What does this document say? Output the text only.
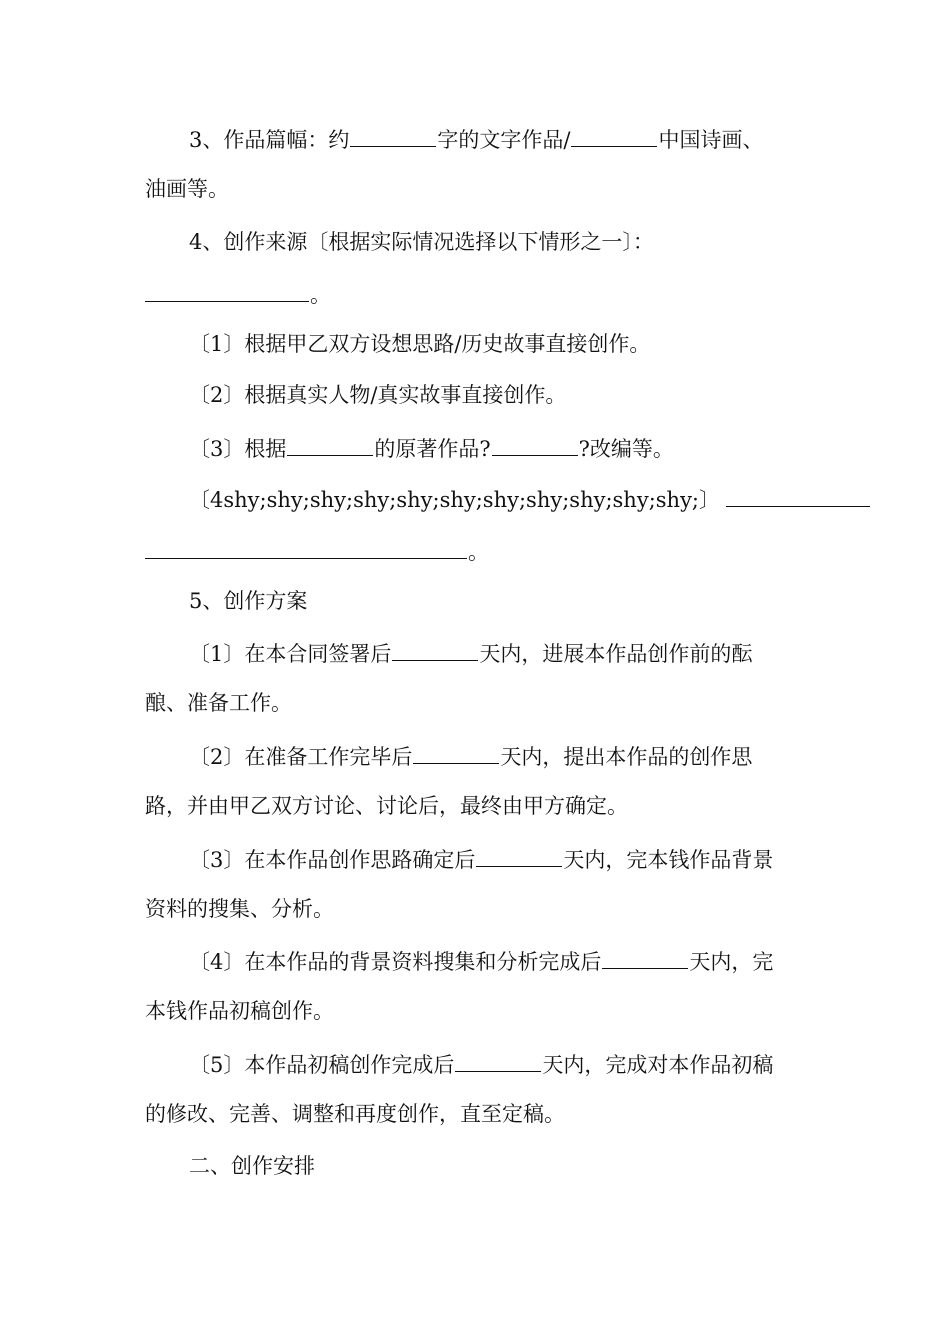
3、作品篇幅：约	字的文字作品/	中国诗画、
油画等。
4、创作来源〔根据实际情况选择以下情形之一〕：
。
〔1〕根据甲乙双方设想思路/历史故事直接创作。
〔2〕根据真实人物/真实故事直接创作。
〔3〕根据	的原著作品?	?改编等。
〔4shy;shy;shy;shy;shy;shy;shy;shy;shy;shy;shy;〕
。
5、创作方案
〔1〕在本合同签署后	天内，进展本作品创作前的酝
酿、准备工作。
〔2〕在准备工作完毕后	天内，提出本作品的创作思
路，并由甲乙双方讨论、讨论后，最终由甲方确定。
〔3〕在本作品创作思路确定后	天内，完本钱作品背景
资料的搜集、分析。
〔4〕在本作品的背景资料搜集和分析完成后	天内，完
本钱作品初稿创作。
〔5〕本作品初稿创作完成后	天内，完成对本作品初稿
的修改、完善、调整和再度创作，直至定稿。
二、创作安排
